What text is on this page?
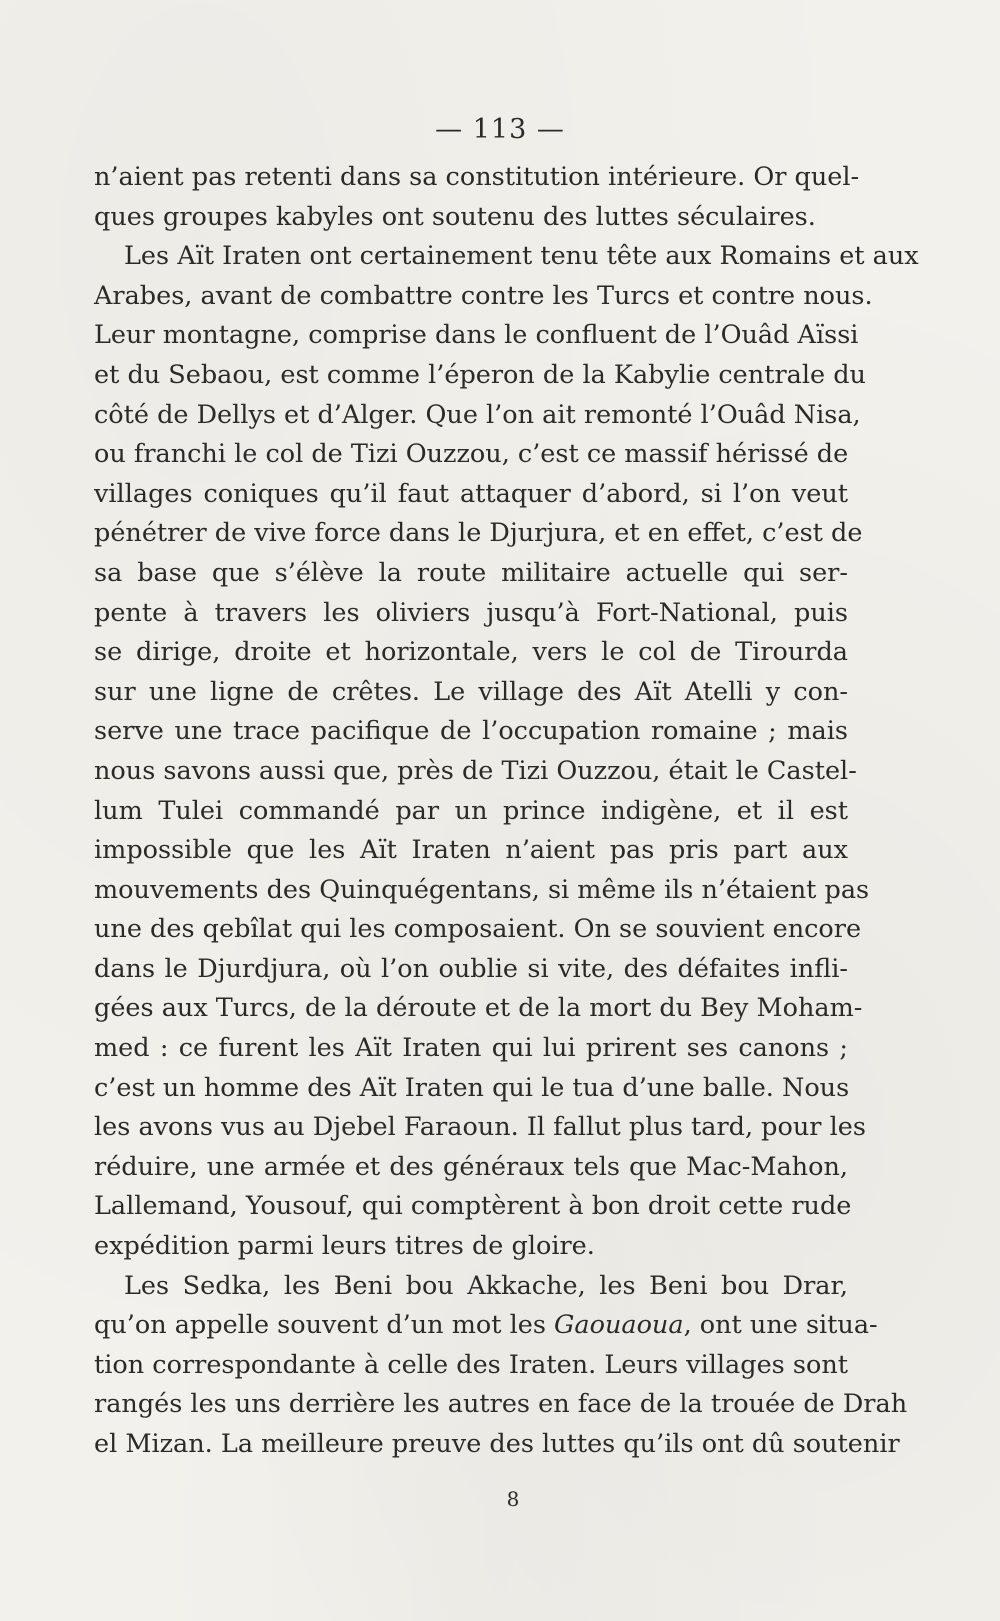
— 113 —
n’aient pas retenti dans sa constitution intérieure. Or quel-
ques groupes kabyles ont soutenu des luttes séculaires.
Les Aït Iraten ont certainement tenu tête aux Romains et aux
Arabes, avant de combattre contre les Turcs et contre nous.
Leur montagne, comprise dans le confluent de l’Ouâd Aïssi
et du Sebaou, est comme l’éperon de la Kabylie centrale du
côté de Dellys et d’Alger. Que l’on ait remonté l’Ouâd Nisa,
ou franchi le col de Tizi Ouzzou, c’est ce massif hérissé de
villages coniques qu’il faut attaquer d’abord, si l’on veut
pénétrer de vive force dans le Djurjura, et en effet, c’est de
sa base que s’élève la route militaire actuelle qui ser-
pente à travers les oliviers jusqu’à Fort-National, puis
se dirige, droite et horizontale, vers le col de Tirourda
sur une ligne de crêtes. Le village des Aït Atelli y con-
serve une trace pacifique de l’occupation romaine ; mais
nous savons aussi que, près de Tizi Ouzzou, était le Castel-
lum Tulei commandé par un prince indigène, et il est
impossible que les Aït Iraten n’aient pas pris part aux
mouvements des Quinquégentans, si même ils n’étaient pas
une des qebîlat qui les composaient. On se souvient encore
dans le Djurdjura, où l’on oublie si vite, des défaites infli-
gées aux Turcs, de la déroute et de la mort du Bey Moham-
med : ce furent les Aït Iraten qui lui prirent ses canons ;
c’est un homme des Aït Iraten qui le tua d’une balle. Nous
les avons vus au Djebel Faraoun. Il fallut plus tard, pour les
réduire, une armée et des généraux tels que Mac-Mahon,
Lallemand, Yousouf, qui comptèrent à bon droit cette rude
expédition parmi leurs titres de gloire.
Les Sedka, les Beni bou Akkache, les Beni bou Drar,
qu’on appelle souvent d’un mot les Gaouaoua, ont une situa-
tion correspondante à celle des Iraten. Leurs villages sont
rangés les uns derrière les autres en face de la trouée de Drah
el Mizan. La meilleure preuve des luttes qu’ils ont dû soutenir
8
